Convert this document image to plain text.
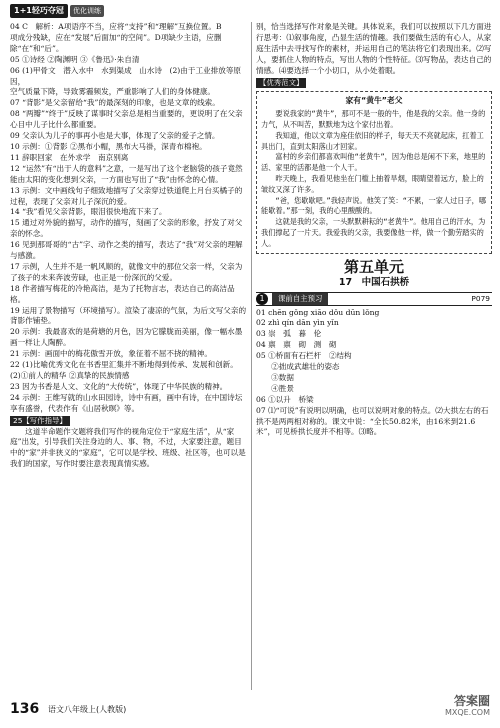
1+1轻巧夺冠	优化训练

04 C　解析：A项语序不当，应将“支持”和“理解”互换位置。B

项成分残缺，应在“发展”后面加“的空间”。D项缺少主语，应删除“在”和“后”。

05 ①诗经 ②陶渊明 ③《鲁迅》·朱自清

06 (1)甲骨文　潜入水中　水到渠成　山水诗　(2)由于工业排放等原因，

空气质量下降，导致雾霾频发，严重影响了人们的身体健康。

07 “背影”是父亲留给“我”的最深刻的印象，也是文章的线索。

08 “两瓣”“终于”反映了谋事时父亲总是相当重要的，更说明了在父亲心目中儿子比什么都重要。

09 父亲认为儿子的事再小也是大事，体现了父亲的爱子之情。

10 示例：①背影 ②黑布小帽，黑布大马褂，深青布棉袍。

11 辞职回家　在外求学　南京别离

12 “运然”有“出于人的意料”之意，一是写出了这个老脑袋的孩子竟然能由太阳的变化想到父亲，一方面也写出了“我”由怀念的心情。

13 示例：文中画线句子细致地描写了父亲穿过铁道爬上月台买橘子的过程，表现了父亲对儿子深沉的爱。

14 “我”看见父亲背影，眼泪很快地流下来了。

15 通过对外貌的描写，动作的描写，刻画了父亲的形象，抒发了对父亲的怀念。

16 见到那哥哥的“古”字、动作之类的描写，表达了“我”对父亲的理解与感激。

17 示例，人生并不是一帆风顺的，就像文中的那位父亲一样，父亲为了孩子的未来奔波劳碌，也正是一份深沉的父爱。

18 作者描写梅花的冷艳高洁，是为了托物言志，表达自己的高洁品格。

19 运用了景物描写（环境描写）。渲染了凄凉的气氛，为后文写父亲的背影作铺垫。

20 示例：我最喜欢的是荷塘的月色，因为它朦胧而美丽，像一幅水墨画一样让人陶醉。

21 示例：画面中的梅花傲雪开放，象征着不屈不挠的精神。

22 (1)比喻优秀文化在书香里汇集并不断地得到传承、发展和创新。(2)①前人的精华 ②真挚的民族情感

23 因为书香是人文、文化的“大传统”，体现了中华民族的精神。

24 示例：王维写就的山水田园诗，诗中有画，画中有诗，在中国诗坛享有盛誉，代表作有《山居秋暝》等。

25【写作指导】

　　这道半命题作文题将我们写作的视角定位于“家庭生活”，从“家庭”出发，引导我们关注身边的人、事、物，不过，大家要注意，题目中的“家”并非狭义的“家庭”，它可以是学校、班级、社区等，也可以是我们的国家，写作时要注意表现真情实感。

别，恰当选择写作对象是关键。具体说来，我们可以按照以下几方面进行思考：⑴叙事角度，凸显生活的情趣。我们要做生活的有心人，从家庭生活中去寻找写作的素材，并运用自己的笔法将它们表现出来。⑵写人，要抓住人物的特点，写出人物的个性特征。⑶写物品，表达自己的情感。⑷要选择一个小切口，从小处着眼。

【优秀范文】

家有“黄牛”老父

　　要说我家的“黄牛”，那可不是一般的牛，他是我的父亲。他一身的力气，从不叫苦，默默地为这个家付出着。

　　我知道，他以文章为座佳依旧的样子，每天天不亮就起床，扛着工具出门，直到太阳落山才回家。

　　富村的乡亲们都喜欢叫他“老黄牛”，因为他总是闲不下来，地里的活、家里的活都是他一个人干。

　　昨天晚上，我看见他坐在门槛上抽着旱烟，眼睛望着远方，脸上的皱纹又深了许多。

　　“爸，您歇歇吧。”我轻声说。他笑了笑：“不累，一家人过日子，哪能歇着。”那一刻，我的心里酸酸的。

　　这就是我的父亲，一头默默耕耘的“老黄牛”。他用自己的汗水，为我们撑起了一片天。我爱我的父亲，我要像他一样，做一个勤劳踏实的人。

第五单元
17　中国石拱桥
1	课前自主预习	P079

01 chēn gǒng xiāo dǒu dūn lǒng

02 zhì qín dān yìn yǐn

03 崇　弧　暮　伦

04 禀　禀　砌　测　砌

05 ①桥面有石栏杆　②结构

　　②拙成武雄壮的姿态

　　③数据

　　④胜景

06 ①以升　桥梁

07 ⑴“可说”有说明以明确，也可以说明对象的特点。⑵大拱左右的石拱不是两两相对称的。课文中说：“全长50.82米，由16米到21.6米”，可见桥拱长度并不相等。⑶略。

136 语文八年级上(人教版)
答案圈
MXQE.COM
